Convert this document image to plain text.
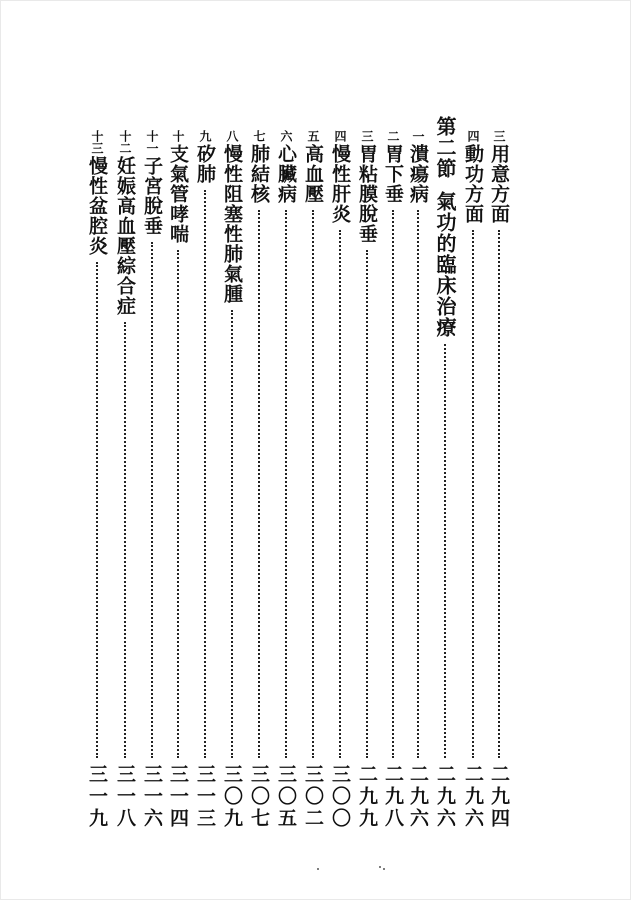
三用意方面
二九四
四動功方面
二九六
第二節氣功的臨床治療
二九六
一潰瘍病
二九六
二胃下垂
二九八
三胃粘膜脫垂
二九九
四慢性肝炎
三〇〇
五高血壓
三〇二
六心臟病
三〇五
七肺結核
三〇七
八慢性阻塞性肺氣腫
三〇九
九矽肺
三一三
十支氣管哮喘
三一四
十一子宮脫垂
三一六
十二妊娠高血壓綜合症
三一八
十三慢性盆腔炎
三一九
